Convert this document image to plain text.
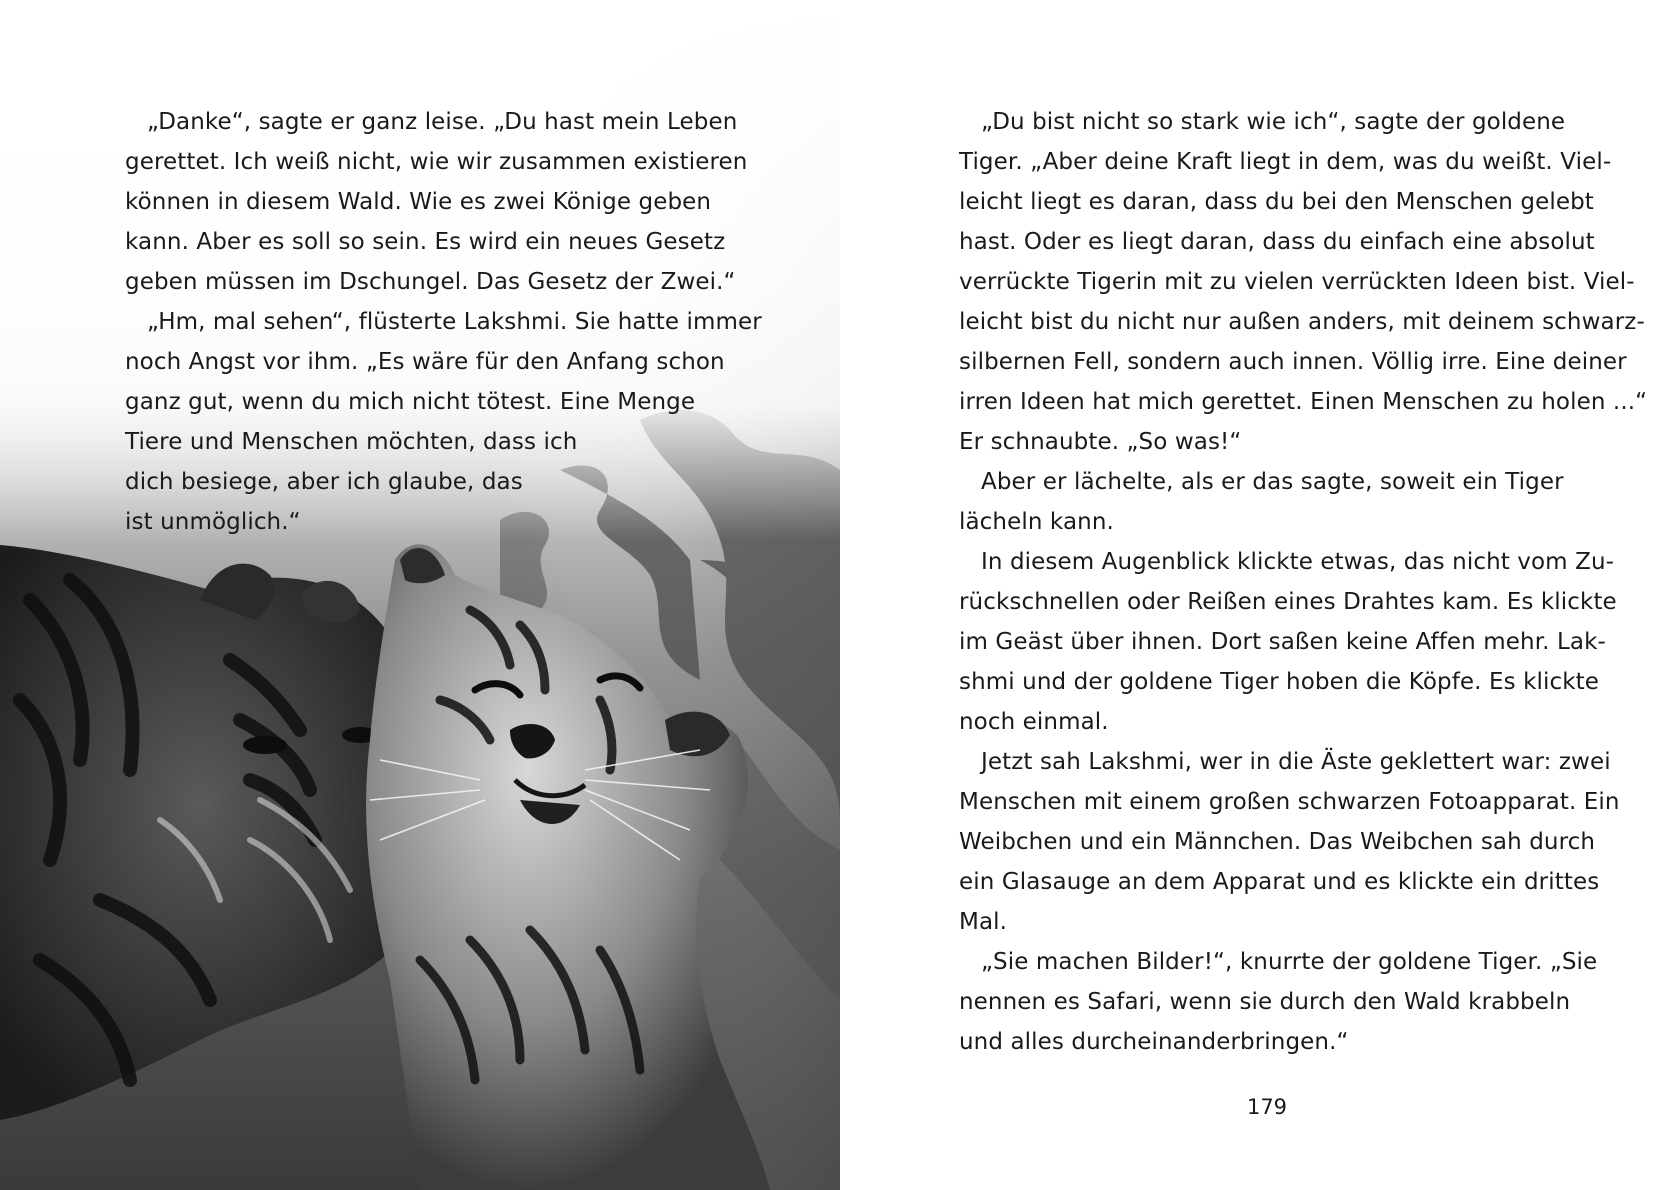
„Danke“, sagte er ganz leise. „Du hast mein Leben
gerettet. Ich weiß nicht, wie wir zusammen existieren
können in diesem Wald. Wie es zwei Könige geben
kann. Aber es soll so sein. Es wird ein neues Gesetz
geben müssen im Dschungel. Das Gesetz der Zwei.“
„Hm, mal sehen“, flüsterte Lakshmi. Sie hatte immer
noch Angst vor ihm. „Es wäre für den Anfang schon
ganz gut, wenn du mich nicht tötest. Eine Menge
Tiere und Menschen möchten, dass ich
dich besiege, aber ich glaube, das
ist unmöglich.“
„Du bist nicht so stark wie ich“, sagte der goldene
Tiger. „Aber deine Kraft liegt in dem, was du weißt. Viel-
leicht liegt es daran, dass du bei den Menschen gelebt
hast. Oder es liegt daran, dass du einfach eine absolut
verrückte Tigerin mit zu vielen verrückten Ideen bist. Viel-
leicht bist du nicht nur außen anders, mit deinem schwarz-
silbernen Fell, sondern auch innen. Völlig irre. Eine deiner
irren Ideen hat mich gerettet. Einen Menschen zu holen ...“
Er schnaubte. „So was!“
Aber er lächelte, als er das sagte, soweit ein Tiger
lächeln kann.
In diesem Augenblick klickte etwas, das nicht vom Zu-
rückschnellen oder Reißen eines Drahtes kam. Es klickte
im Geäst über ihnen. Dort saßen keine Affen mehr. Lak-
shmi und der goldene Tiger hoben die Köpfe. Es klickte
noch einmal.
Jetzt sah Lakshmi, wer in die Äste geklettert war: zwei
Menschen mit einem großen schwarzen Fotoapparat. Ein
Weibchen und ein Männchen. Das Weibchen sah durch
ein Glasauge an dem Apparat und es klickte ein drittes
Mal.
„Sie machen Bilder!“, knurrte der goldene Tiger. „Sie
nennen es Safari, wenn sie durch den Wald krabbeln
und alles durcheinanderbringen.“
179
